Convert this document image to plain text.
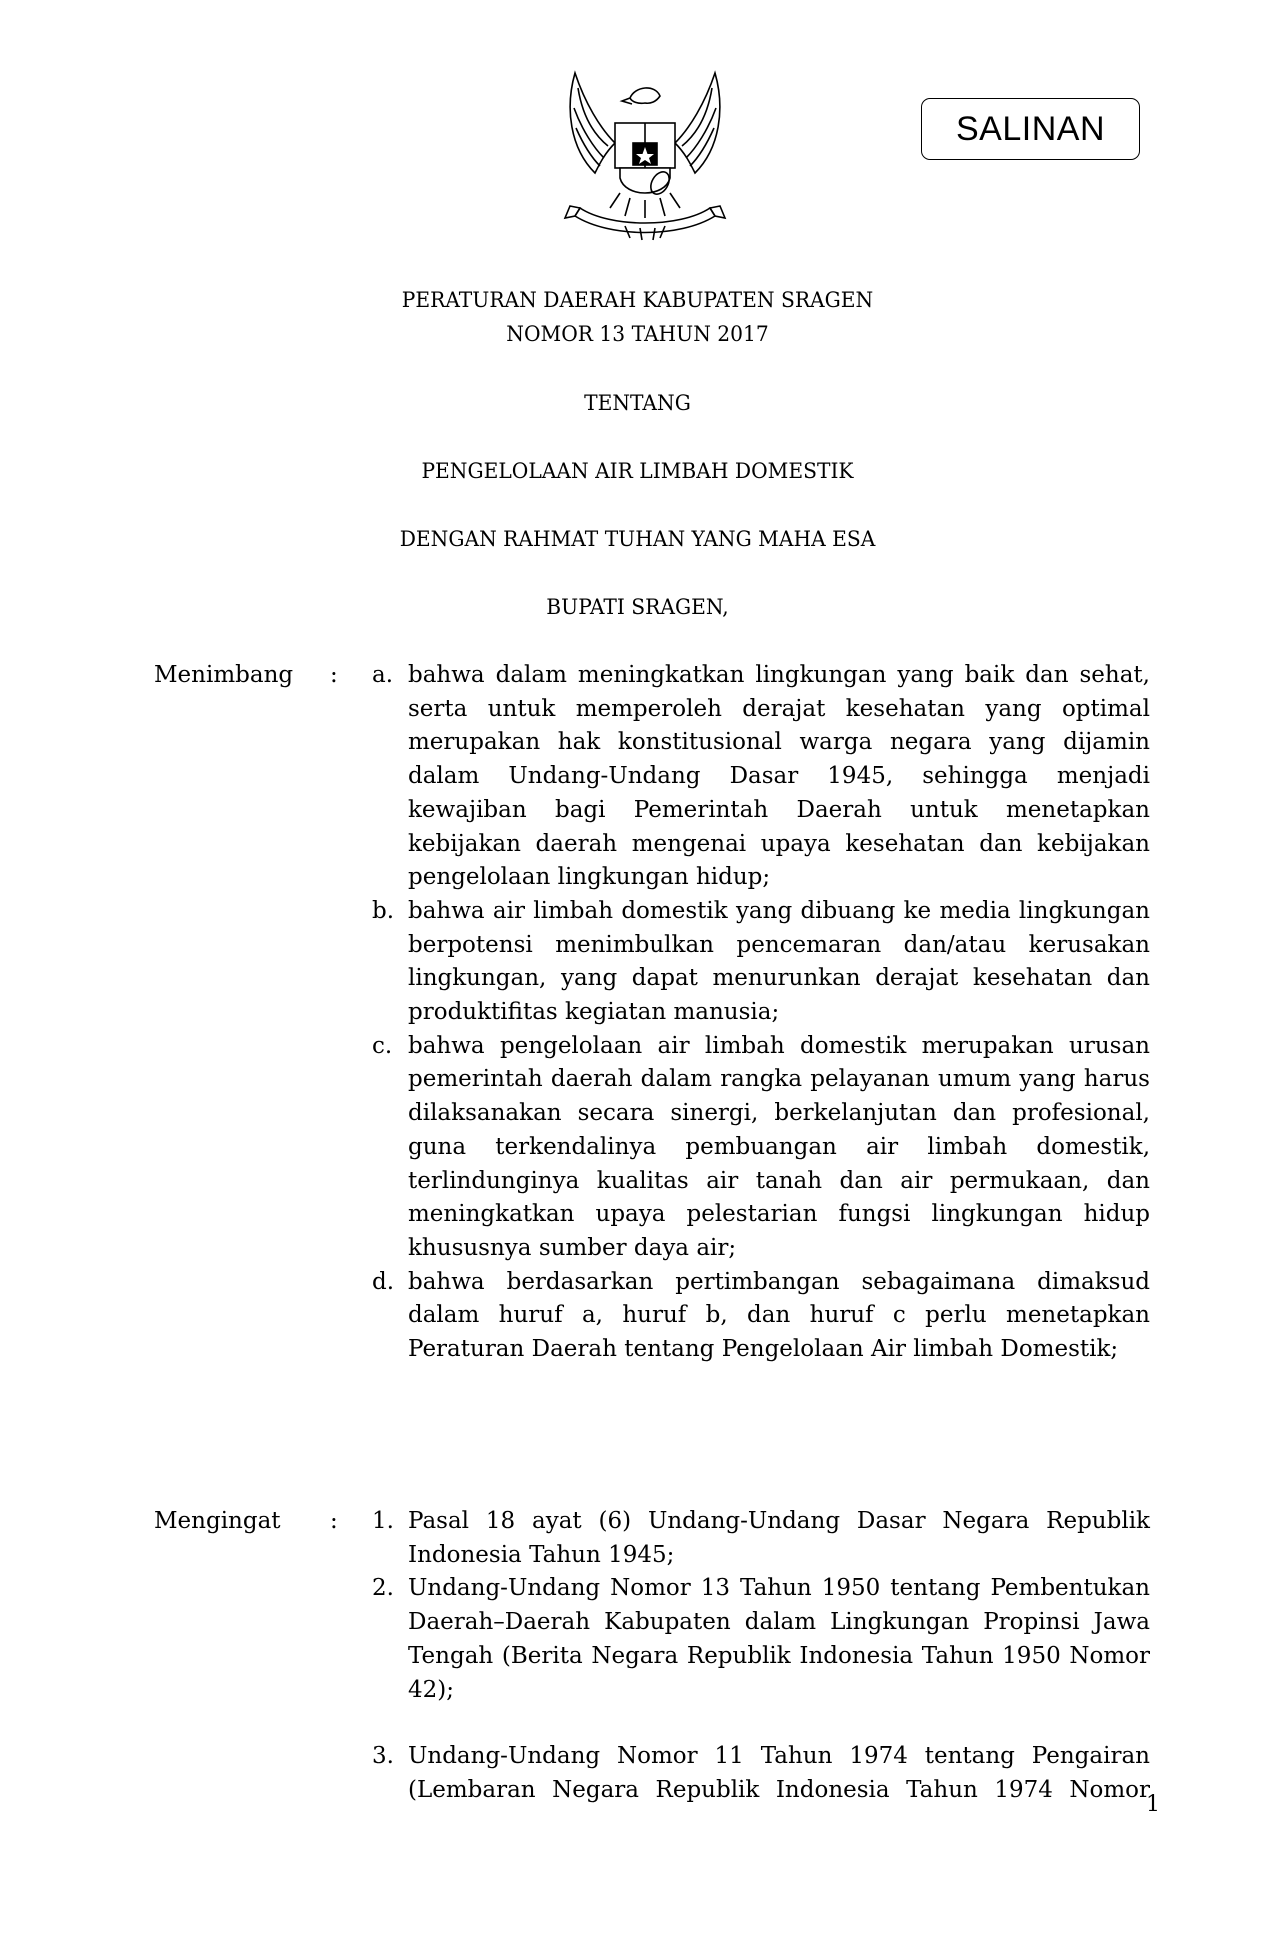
SALINAN
PERATURAN DAERAH KABUPATEN SRAGEN
NOMOR 13 TAHUN 2017
TENTANG
PENGELOLAAN AIR LIMBAH DOMESTIK
DENGAN RAHMAT TUHAN YANG MAHA ESA
BUPATI SRAGEN,
Menimbang : a. bahwa dalam meningkatkan lingkungan yang baik dan sehat, serta untuk memperoleh derajat kesehatan yang optimal merupakan hak konstitusional warga negara yang dijamin dalam Undang-Undang Dasar 1945, sehingga menjadi kewajiban bagi Pemerintah Daerah untuk menetapkan kebijakan daerah mengenai upaya kesehatan dan kebijakan pengelolaan lingkungan hidup;
b. bahwa air limbah domestik yang dibuang ke media lingkungan berpotensi menimbulkan pencemaran dan/atau kerusakan lingkungan, yang dapat menurunkan derajat kesehatan dan produktifitas kegiatan manusia;
c. bahwa pengelolaan air limbah domestik merupakan urusan pemerintah daerah dalam rangka pelayanan umum yang harus dilaksanakan secara sinergi, berkelanjutan dan profesional, guna terkendalinya pembuangan air limbah domestik, terlindunginya kualitas air tanah dan air permukaan, dan meningkatkan upaya pelestarian fungsi lingkungan hidup khususnya sumber daya air;
d. bahwa berdasarkan pertimbangan sebagaimana dimaksud dalam huruf a, huruf b, dan huruf c perlu menetapkan Peraturan Daerah tentang Pengelolaan Air limbah Domestik;
Mengingat : 1. Pasal 18 ayat (6) Undang-Undang Dasar Negara Republik Indonesia Tahun 1945;
2. Undang-Undang Nomor 13 Tahun 1950 tentang Pembentukan Daerah–Daerah Kabupaten dalam Lingkungan Propinsi Jawa Tengah (Berita Negara Republik Indonesia Tahun 1950 Nomor 42);
3. Undang-Undang Nomor 11 Tahun 1974 tentang Pengairan (Lembaran Negara Republik Indonesia Tahun 1974 Nomor
1
